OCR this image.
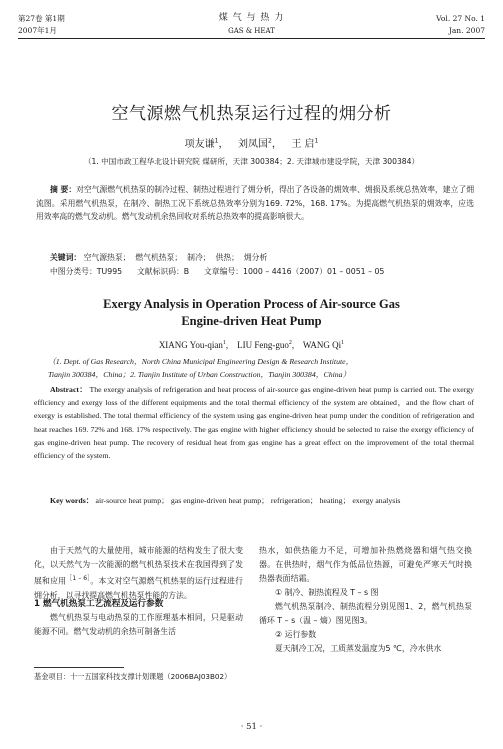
第27卷 第1期
2007年1月
煤 气 与 热 力
GAS & HEAT
Vol. 27 No. 1
Jan. 2007
空气源燃气机热泵运行过程的㶲分析
项友谦$^1$， 刘凤国$^2$， 王 启$^1$
（1. 中国市政工程华北设计研究院 煤研所，天津 300384；2. 天津城市建设学院，天津 300384）
摘 要：对空气源燃气机热泵的制冷过程、制热过程进行了㶲分析，得出了各设备的㶲效率、㶲损及系统总热效率，建立了㶲流图。采用燃气机热泵，在制冷、制热工况下系统总热效率分别为169. 72%，168. 17%。为提高燃气机热泵的㶲效率，应选用效率高的燃气发动机。燃气发动机余热回收对系统总热效率的提高影响很大。
关键词： 空气源热泵； 燃气机热泵； 制冷； 供热； 㶲分析
中图分类号：TU995 文献标识码：B 文章编号：1000 – 4416（2007）01 – 0051 – 05
Exergy Analysis in Operation Process of Air-source Gas
Engine-driven Heat Pump
XIANG You-qian$^1$,    LIU Feng-guo$^2$,    WANG Qi$^1$
（1. Dept. of Gas Research，North China Municipal Engineering Design & Research Institute，
Tianjin 300384，China；2. Tianjin Institute of Urban Construction，Tianjin 300384，China）
Abstract： The exergy analysis of refrigeration and heat process of air-source gas engine-driven heat pump is carried out. The exergy efficiency and exergy loss of the different equipments and the total thermal efficiency of the system are obtained，and the flow chart of exergy is established. The total thermal efficiency of the system using gas engine-driven heat pump under the condition of refrigeration and heat reaches 169. 72% and 168. 17% respectively. The gas engine with higher efficiency should be selected to raise the exergy efficiency of gas engine-driven heat pump. The recovery of residual heat from gas engine has a great effect on the improvement of the total thermal efficiency of the system.
Key words： air-source heat pump； gas engine-driven heat pump； refrigeration； heating； exergy analysis
由于天然气的大量使用，城市能源的结构发生了很大变化，以天然气为一次能源的燃气机热泵技术在我国得到了发展和应用$^{[1 - 6]}$。本文对空气源燃气机热泵的运行过程进行㶲分析，以寻找提高燃气机热泵性能的方法。
1 燃气机热泵工艺流程及运行参数
燃气机热泵与电动热泵的工作原理基本相同，只是驱动能源不同。燃气发动机的余热可制备生活
热水，如供热能力不足，可增加补热燃烧器和烟气热交换器。在供热时，烟气作为低品位热源，可避免严寒天气时换热器表面结霜。
① 制冷、制热流程及 T – s 图
燃气机热泵制冷、制热流程分别见图1、2，燃气机热泵循环 T – s（温 – 熵）图见图3。
② 运行参数
夏天制冷工况，工质蒸发温度为5 ℃，冷水供水
基金项目：十一五国家科技支撑计划课题（2006BAJ03B02）
· 51 ·
